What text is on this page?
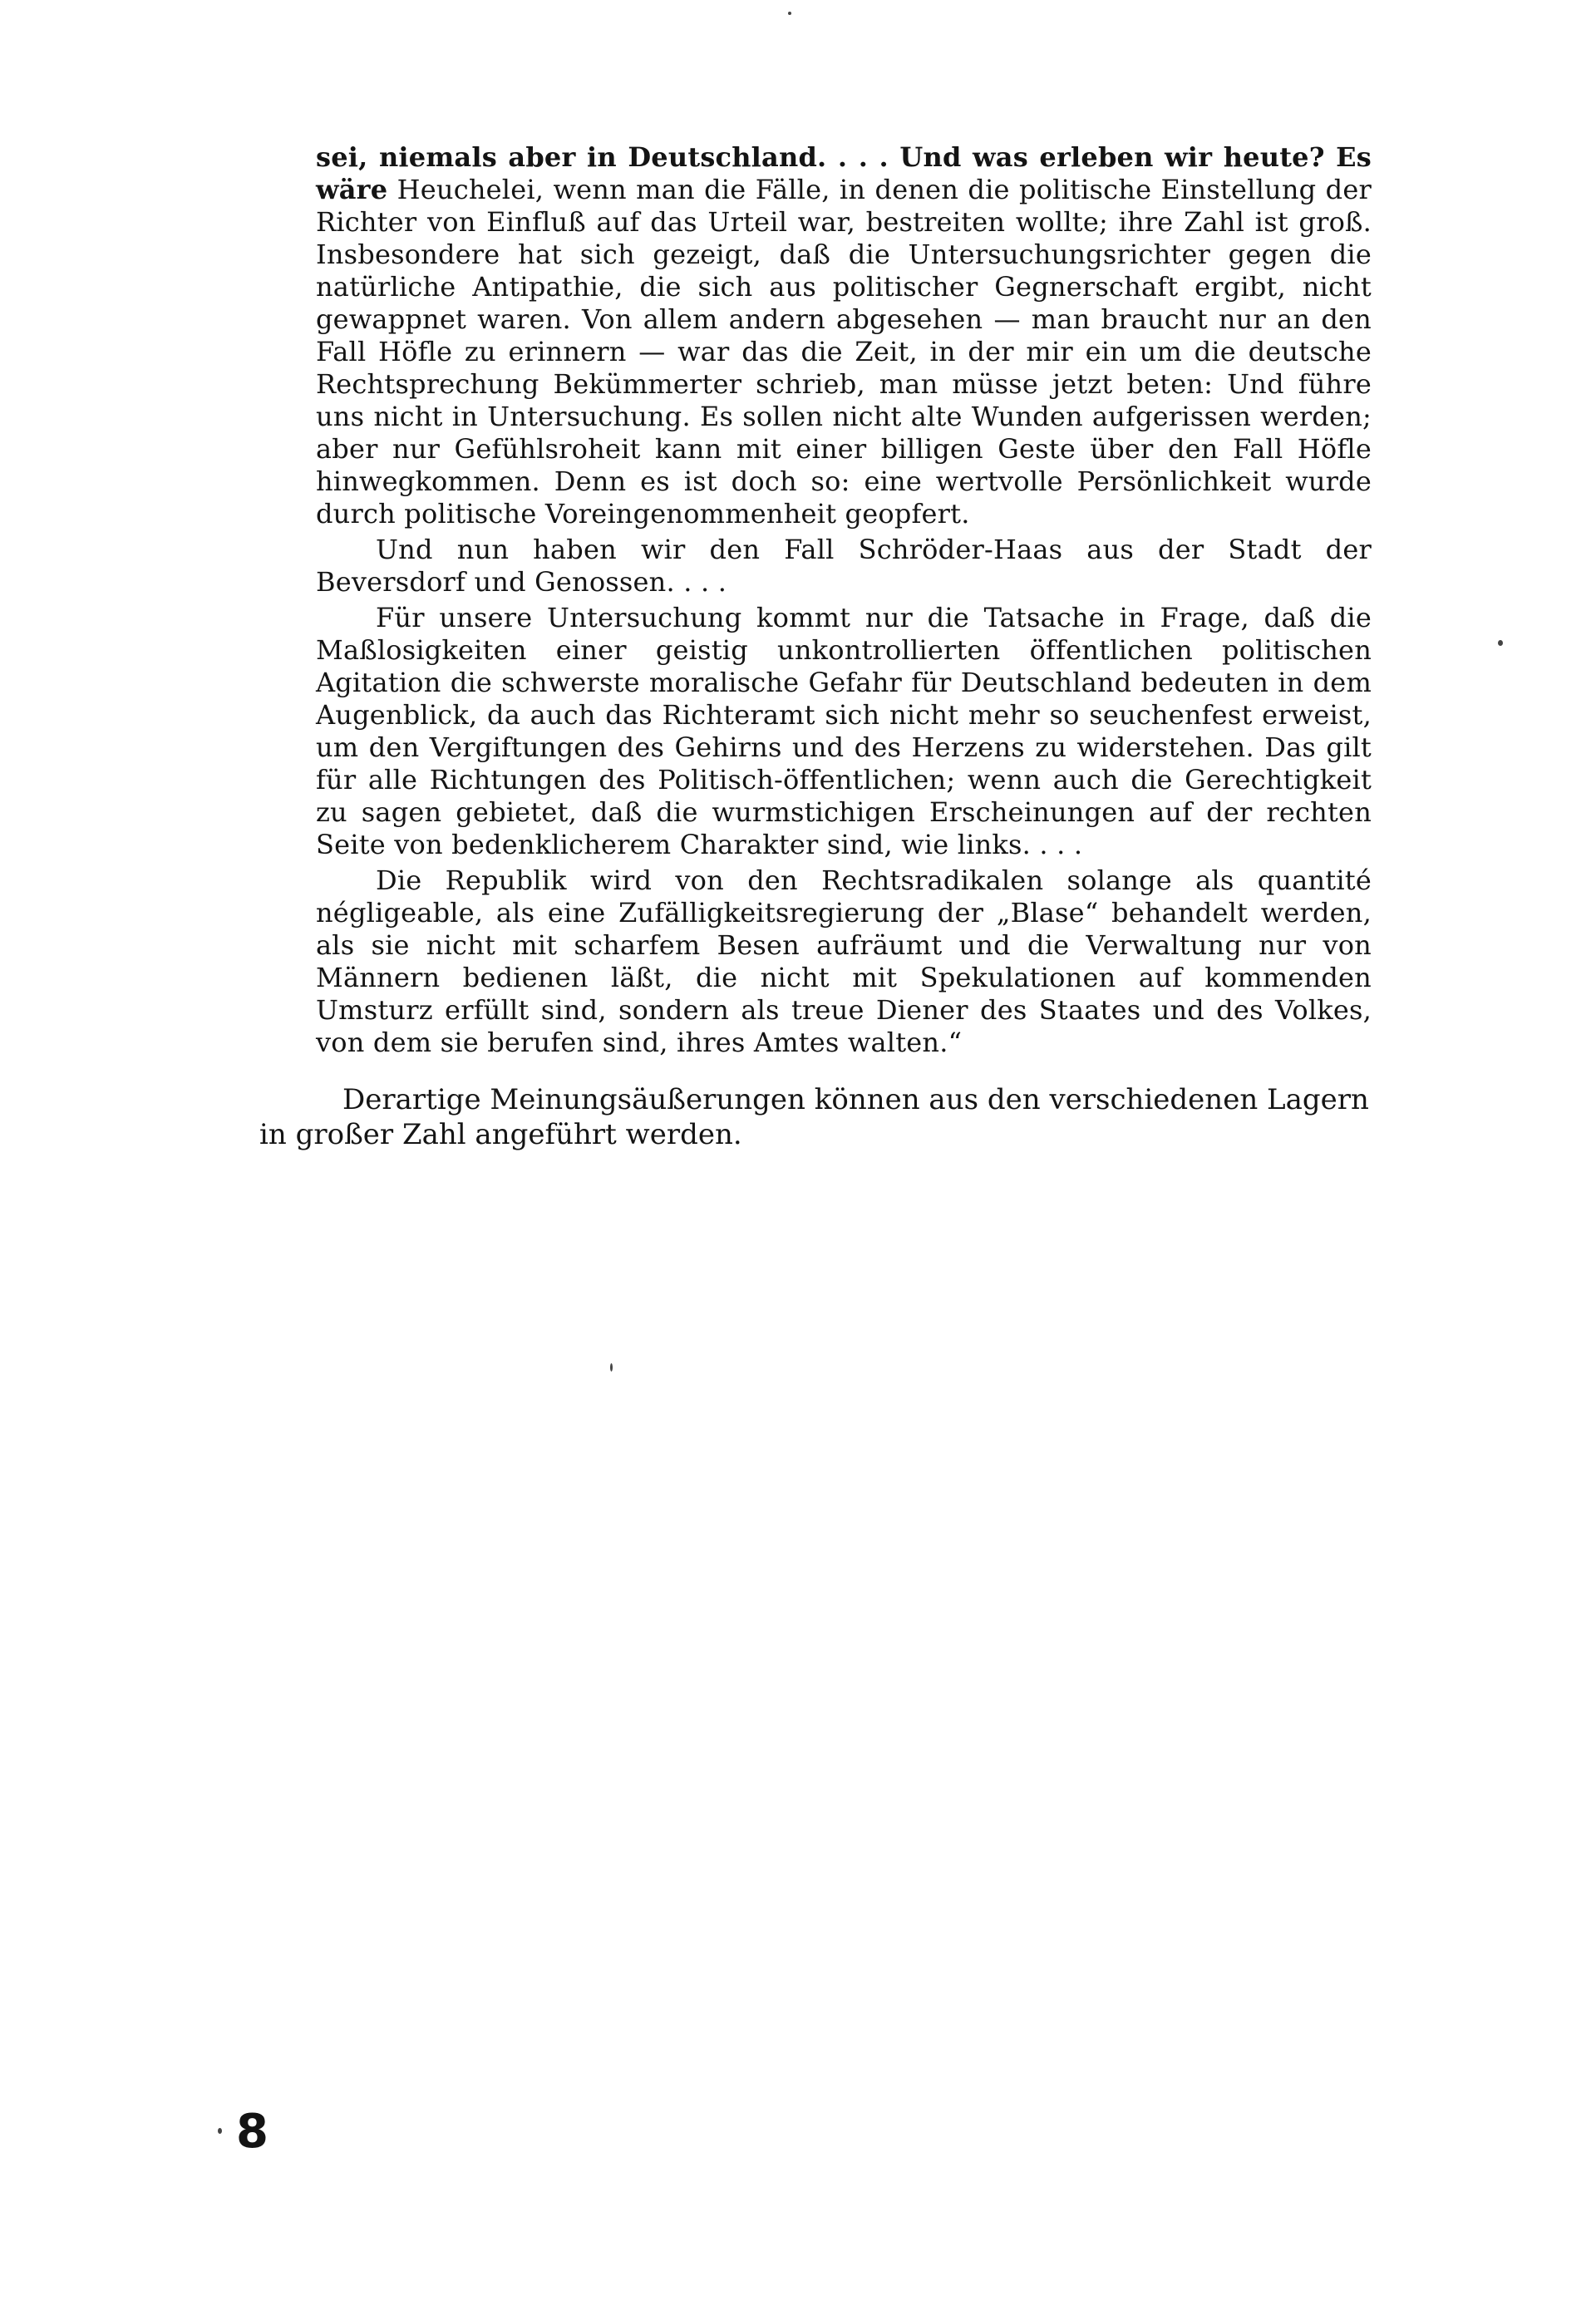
sei, niemals aber in Deutschland. . . . Und was erleben wir heute? Es wäre Heuchelei, wenn man die Fälle, in denen die politische Einstellung der Richter von Einfluß auf das Urteil war, bestreiten wollte; ihre Zahl ist groß. Insbesondere hat sich gezeigt, daß die Untersuchungsrichter gegen die natürliche Antipathie, die sich aus politischer Gegnerschaft ergibt, nicht gewappnet waren. Von allem andern abgesehen — man braucht nur an den Fall Höfle zu erinnern — war das die Zeit, in der mir ein um die deutsche Rechtsprechung Bekümmerter schrieb, man müsse jetzt beten: Und führe uns nicht in Untersuchung. Es sollen nicht alte Wunden aufgerissen werden; aber nur Gefühlsroheit kann mit einer billigen Geste über den Fall Höfle hinwegkommen. Denn es ist doch so: eine wertvolle Persönlichkeit wurde durch politische Voreingenommenheit geopfert.

Und nun haben wir den Fall Schröder-Haas aus der Stadt der Beversdorf und Genossen. . . .

Für unsere Untersuchung kommt nur die Tatsache in Frage, daß die Maßlosigkeiten einer geistig unkontrollierten öffentlichen politischen Agitation die schwerste moralische Gefahr für Deutschland bedeuten in dem Augenblick, da auch das Richteramt sich nicht mehr so seuchenfest erweist, um den Vergiftungen des Gehirns und des Herzens zu widerstehen. Das gilt für alle Richtungen des Politisch-öffentlichen; wenn auch die Gerechtigkeit zu sagen gebietet, daß die wurmstichigen Erscheinungen auf der rechten Seite von bedenklicherem Charakter sind, wie links. . . .

Die Republik wird von den Rechtsradikalen solange als quantité négligeable, als eine Zufälligkeitsregierung der „Blase“ behandelt werden, als sie nicht mit scharfem Besen aufräumt und die Verwaltung nur von Männern bedienen läßt, die nicht mit Spekulationen auf kommenden Umsturz erfüllt sind, sondern als treue Diener des Staates und des Volkes, von dem sie berufen sind, ihres Amtes walten.“

Derartige Meinungsäußerungen können aus den verschiedenen Lagern in großer Zahl angeführt werden.

8
